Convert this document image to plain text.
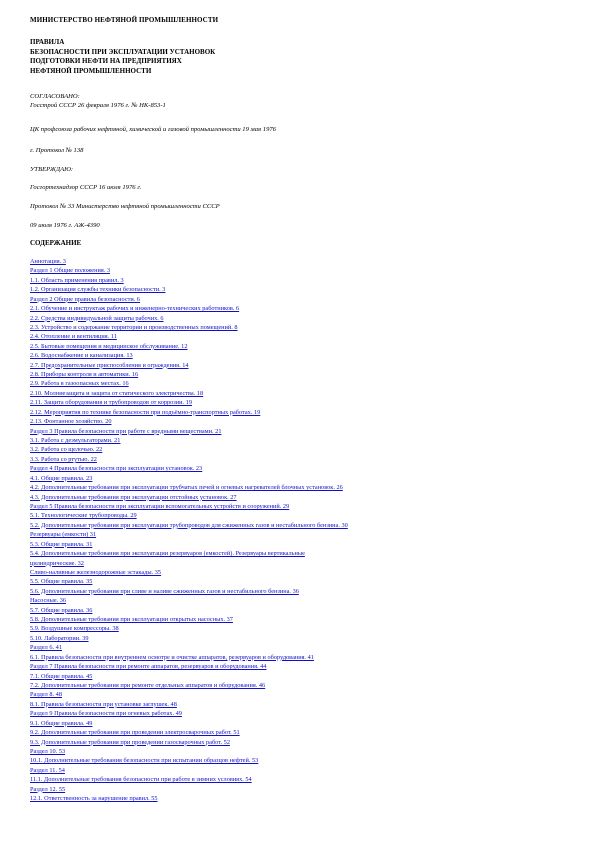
МИНИСТЕРСТВО НЕФТЯНОЙ ПРОМЫШЛЕННОСТИ

ПРАВИЛА

БЕЗОПАСНОСТИ ПРИ ЭКСПЛУАТАЦИИ УСТАНОВОК

ПОДГОТОВКИ НЕФТИ НА ПРЕДПРИЯТИЯХ

НЕФТЯНОЙ ПРОМЫШЛЕННОСТИ

СОГЛАСОВАНО:

Госстрой СССР 26 февраля 1976 г. № НК-853-1

ЦК профсоюза рабочих нефтяной, химической и газовой промышленности 19 мая 1976

г. Протокол № 138

УТВЕРЖДАЮ:

Госгортехнадзор СССР 16 июля 1976 г.

Протокол № 33 Министерство нефтяной промышленности СССР

09 июля 1976 г. АЖ-4390

СОДЕРЖАНИЕ

Аннотация. 3
Раздел 1 Общие положения. 3
1.1. Область применения правил. 3
1.2. Организация службы техники безопасности. 3
Раздел 2 Общие правила безопасности. 6
2.1. Обучение и инструктаж рабочих и инженерно-технических работников. 6
2.2. Средства индивидуальной защиты рабочих. 6
2.3. Устройство и содержание территории и производственных помещений. 8
2.4. Отопление и вентиляция. 11
2.5. Бытовые помещения и медицинское обслуживание. 12
2.6. Водоснабжение и канализация. 13
2.7. Предохранительные приспособления и ограждения. 14
2.8. Приборы контроля и автоматики. 16
2.9. Работа в газоопасных местах. 16
2.10. Молниезащита и защита от статического электричества. 18
2.11. Защита оборудования и трубопроводов от коррозии. 19
2.12. Мероприятия по технике безопасности при подъёмно-транспортных работах. 19
2.13. Фонтанное хозяйство. 20
Раздел 3 Правила безопасности при работе с вредными веществами. 21
3.1. Работа с деэмульгаторами. 21
3.2. Работа со щелочью. 22
3.3. Работа со ртутью. 22
Раздел 4 Правила безопасности при эксплуатации установок. 23
4.1. Общие правила. 23
4.2. Дополнительные требования при эксплуатации трубчатых печей и огневых нагревателей блочных установок. 26
4.3. Дополнительные требования при эксплуатации отстойных установок. 27
Раздел 5 Правила безопасности при эксплуатации вспомогательных устройств и сооружений. 29
5.1. Технологические трубопроводы. 29
5.2. Дополнительные требования при эксплуатации трубопроводов для сжиженных газов и нестабильного бензина. 30
Резервуары (емкости) 31
5.3. Общие правила. 31
5.4. Дополнительные требования при эксплуатации резервуаров (емкостей). Резервуары вертикальные
цилиндрические. 32
Сливо-наливные железнодорожные эстакады. 35
5.5. Общие правила. 35
5.6. Дополнительные требования при сливе и наливе сжиженных газов и нестабильного бензина. 36
Насосные. 36
5.7. Общие правила. 36
5.8. Дополнительные требования при эксплуатации открытых насосных. 37
5.9. Воздушные компрессоры. 38
5.10. Лаборатории. 39
Раздел 6. 41
6.1. Правила безопасности при внутреннем осмотре и очистке аппаратов, резервуаров и оборудования. 41
Раздел 7 Правила безопасности при ремонте аппаратов, резервуаров и оборудования. 44
7.1. Общие правила. 45
7.2. Дополнительные требования при ремонте отдельных аппаратов и оборудования. 46
Раздел 8. 48
8.1. Правила безопасности при установке заглушек. 48
Раздел 9 Правила безопасности при огневых работах. 49
9.1. Общие правила. 49
9.2. Дополнительные требования при проведении электросварочных работ. 51
9.3. Дополнительные требования при проведении газосварочных работ. 52
Раздел 10. 53
10.1. Дополнительные требования безопасности при испытании образцов нефтей. 53
Раздел 11. 54
11.1. Дополнительные требования безопасности при работе в зимних условиях. 54
Раздел 12. 55
12.1. Ответственность за нарушение правил. 55
